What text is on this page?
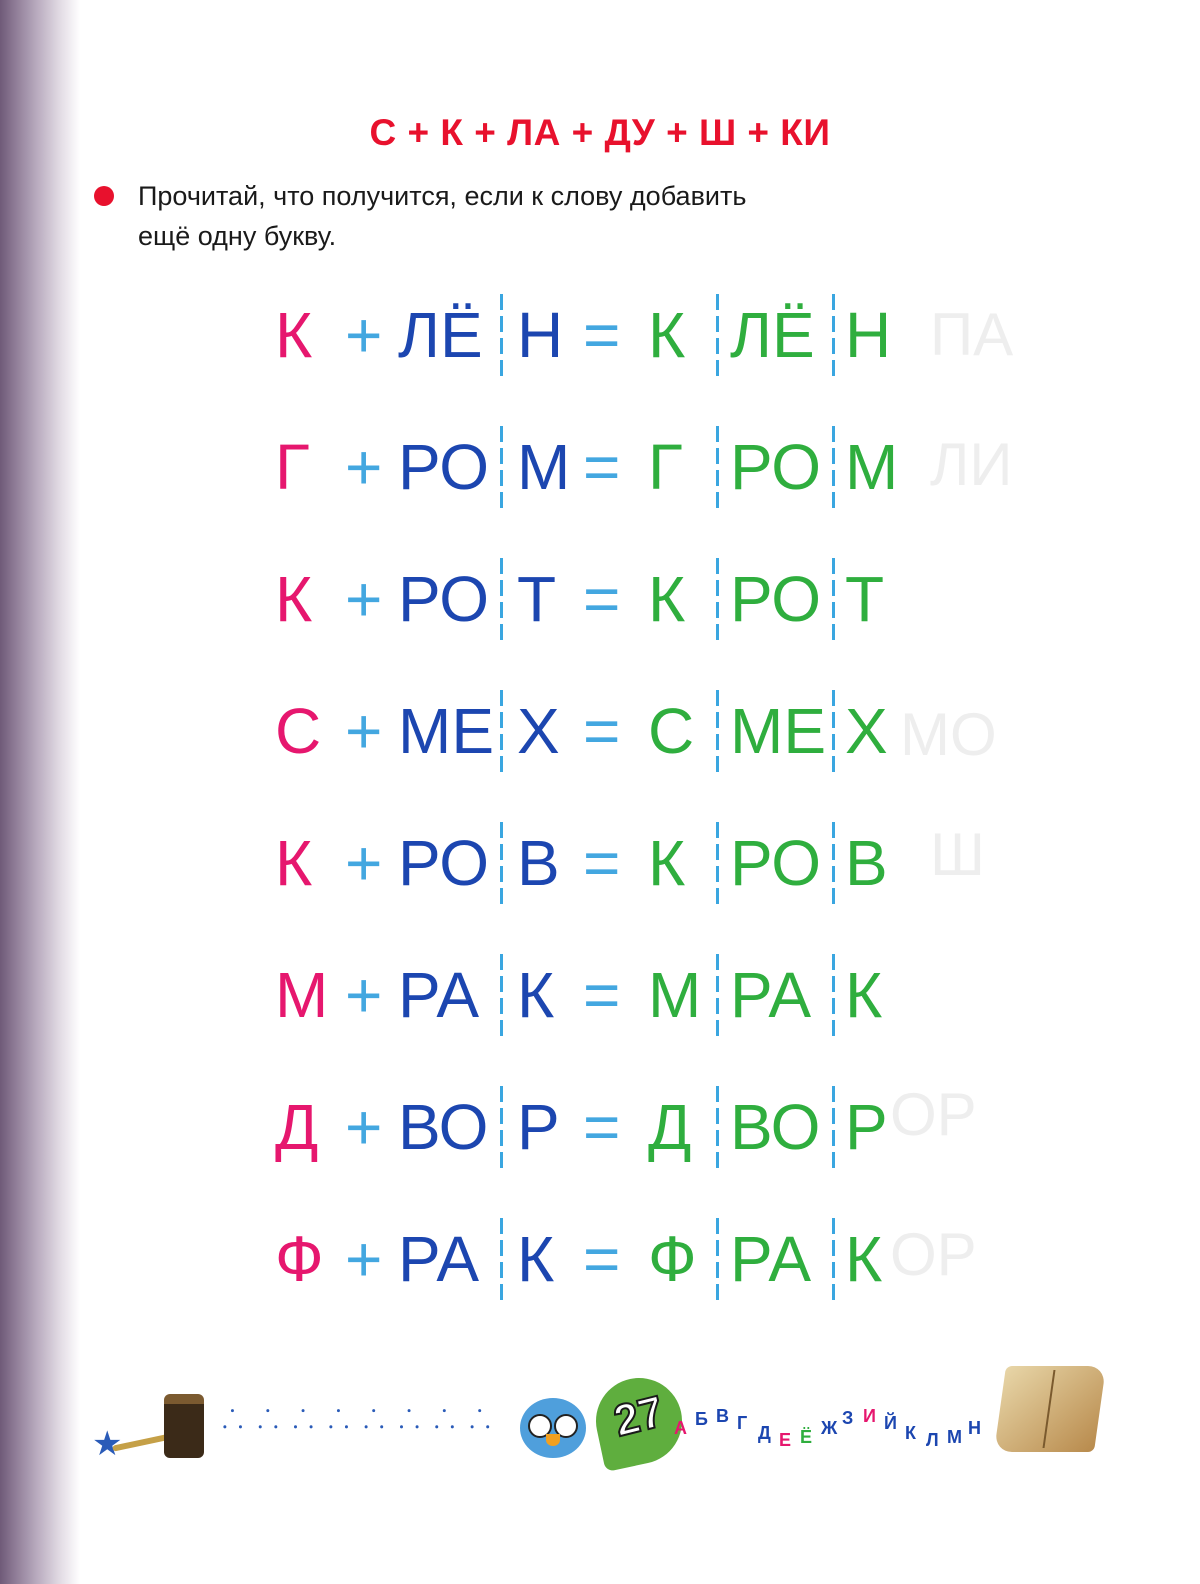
ПА
ЛИ
МО
Ш
ОР
ОР
С + К + ЛА + ДУ + Ш + КИ
Прочитай, что получится, если к слову добавить
ещё одну букву.
К + ЛЁ Н = К ЛЁ Н
Г + РО М = Г РО М
К + РО Т = К РО Т
С + МЕ Х = С МЕ Х
К + РО В = К РО В
М + РА К = М РА К
Д + ВО Р = Д ВО Р
Ф + РА К = Ф РА К
★
⸫⸫⸫⸫⸫⸫⸫⸫	27 А Б В Г Д Е Ё Ж З И Й К Л М Н
